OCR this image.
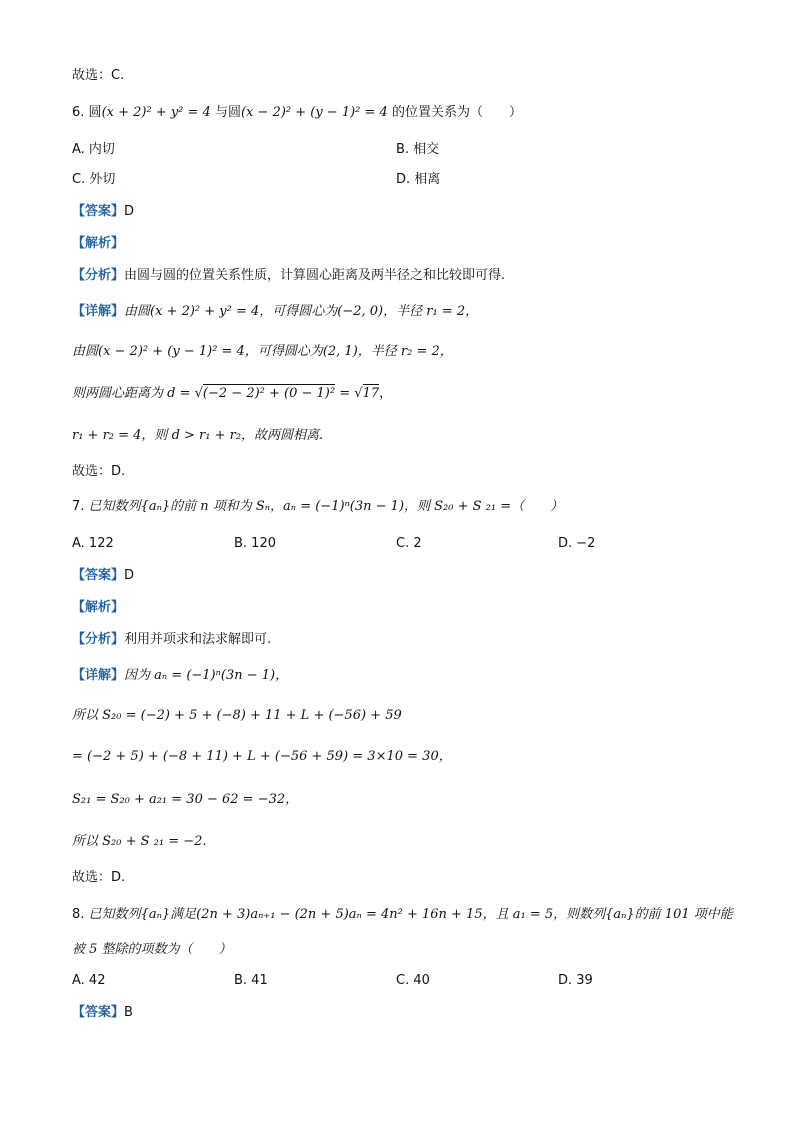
故选：C.
6. 圆(x + 2)² + y² = 4 与圆(x − 2)² + (y − 1)² = 4 的位置关系为（　　）
A. 内切	B. 相交
C. 外切	D. 相离
【答案】D
【解析】
【分析】由圆与圆的位置关系性质，计算圆心距离及两半径之和比较即可得.
【详解】由圆(x + 2)² + y² = 4，可得圆心为(−2, 0)，半径 r₁ = 2，
由圆(x − 2)² + (y − 1)² = 4，可得圆心为(2, 1)，半径 r₂ = 2，
则两圆心距离为 d = √(−2 − 2)² + (0 − 1)² = √17，
r₁ + r₂ = 4，则 d > r₁ + r₂，故两圆相离.
故选：D.
7. 已知数列{aₙ}的前 n 项和为 Sₙ，aₙ = (−1)ⁿ(3n − 1)，则 S₂₀ + S ₂₁ =（　　）
A. 122	B. 120	C. 2	D. −2
【答案】D
【解析】
【分析】利用并项求和法求解即可.
【详解】因为 aₙ = (−1)ⁿ(3n − 1)，
所以 S₂₀ = (−2) + 5 + (−8) + 11 + L + (−56) + 59
= (−2 + 5) + (−8 + 11) + L + (−56 + 59) = 3×10 = 30，
S₂₁ = S₂₀ + a₂₁ = 30 − 62 = −32，
所以 S₂₀ + S ₂₁ = −2.
故选：D.
8. 已知数列{aₙ}满足(2n + 3)aₙ₊₁ − (2n + 5)aₙ = 4n² + 16n + 15，且 a₁ = 5，则数列{aₙ}的前 101 项中能
被 5 整除的项数为（　　）
A. 42	B. 41	C. 40	D. 39
【答案】B
